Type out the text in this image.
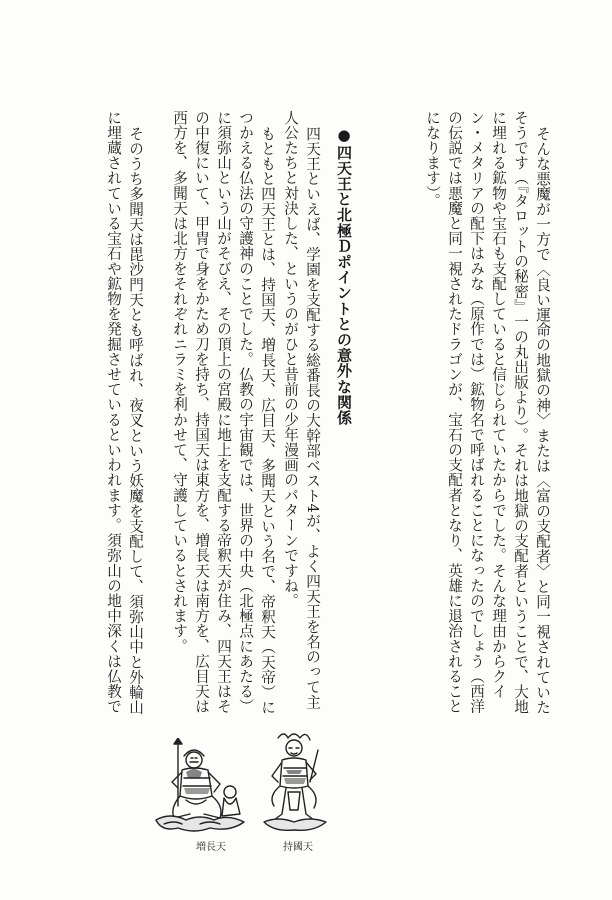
そんな悪魔が一方で〈良い運命の地獄の神〉または〈富の支配者〉と同一視されていた
そうです（『タロットの秘密』一の丸出版より）。それは地獄の支配者ということで、大地
に埋れる鉱物や宝石も支配していると信じられていたからでした。そんな理由からクイ
ン・メタリアの配下はみな（原作では）鉱物名で呼ばれることになったのでしょう（西洋
の伝説では悪魔と同一視されたドラゴンが、宝石の支配者となり、英雄に退治されること
になります）。
●四天王と北極Ｄポイントとの意外な関係
四天王といえば、学園を支配する総番長の大幹部ベスト4が、よく四天王を名のって主
人公たちと対決した、というのがひと昔前の少年漫画のパターンですね。
もともと四天王とは、持国天、増長天、広目天、多聞天という名で、帝釈天（天帝）に
つかえる仏法の守護神のことでした。仏教の宇宙観では、世界の中央（北極点にあたる）
に須弥山という山がそびえ、その頂上の宮殿に地上を支配する帝釈天が住み、四天王はそ
の中復にいて、甲冑で身をかため刀を持ち、持国天は東方を、増長天は南方を、広目天は
西方を、多聞天は北方をそれぞれニラミを利かせて、守護しているとされます。
そのうち多聞天は毘沙門天とも呼ばれ、夜叉という妖魔を支配して、須弥山中と外輪山
に埋蔵されている宝石や鉱物を発掘させているといわれます。須弥山の地中深くは仏教で
増長天	持國天
